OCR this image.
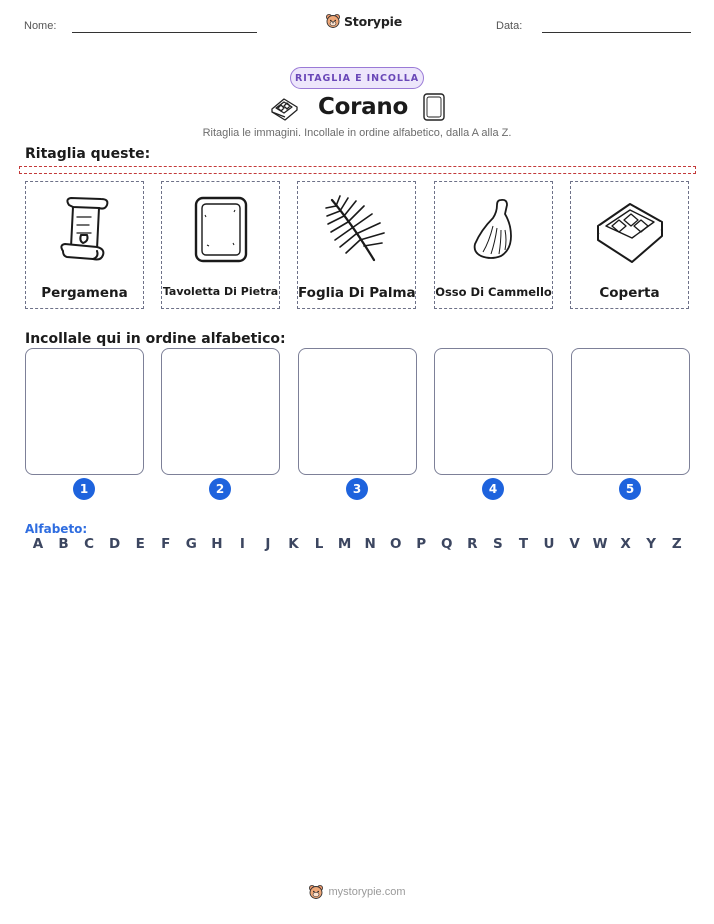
Nome:	Storypie	Data:
RITAGLIA E INCOLLA
Corano
Ritaglia le immagini. Incollale in ordine alfabetico, dalla A alla Z.
Ritaglia queste:
Pergamena	Tavoletta Di Pietra Foglia Di Palma Osso Di Cammello	Coperta
Incollale qui in ordine alfabetico:
1	2	3	4	5
Alfabeto:
A	B	C	D	E	F	G	H	I	J	K	L	M N	O	P	Q	R	S	T	U	V W X	Y	Z
mystorypie.com
